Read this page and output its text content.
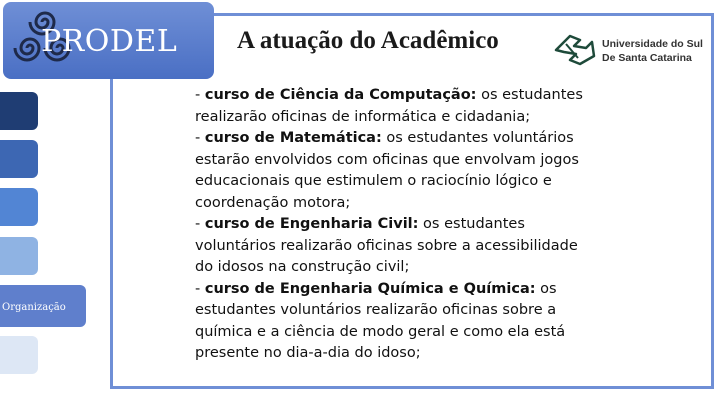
PRODEL A atuação do Acadêmico	Universidade do Sul
De Santa Catarina
Organização

- curso de Ciência da Computação: os estudantes realizarão oficinas de informática e cidadania;

- curso de Matemática: os estudantes voluntários estarão envolvidos com oficinas que envolvam jogos educacionais que estimulem o raciocínio lógico e coordenação motora;

- curso de Engenharia Civil: os estudantes voluntários realizarão oficinas sobre a acessibilidade do idosos na construção civil;

- curso de Engenharia Química e Química: os estudantes voluntários realizarão oficinas sobre a química e a ciência de modo geral e como ela está presente no dia-a-dia do idoso;
